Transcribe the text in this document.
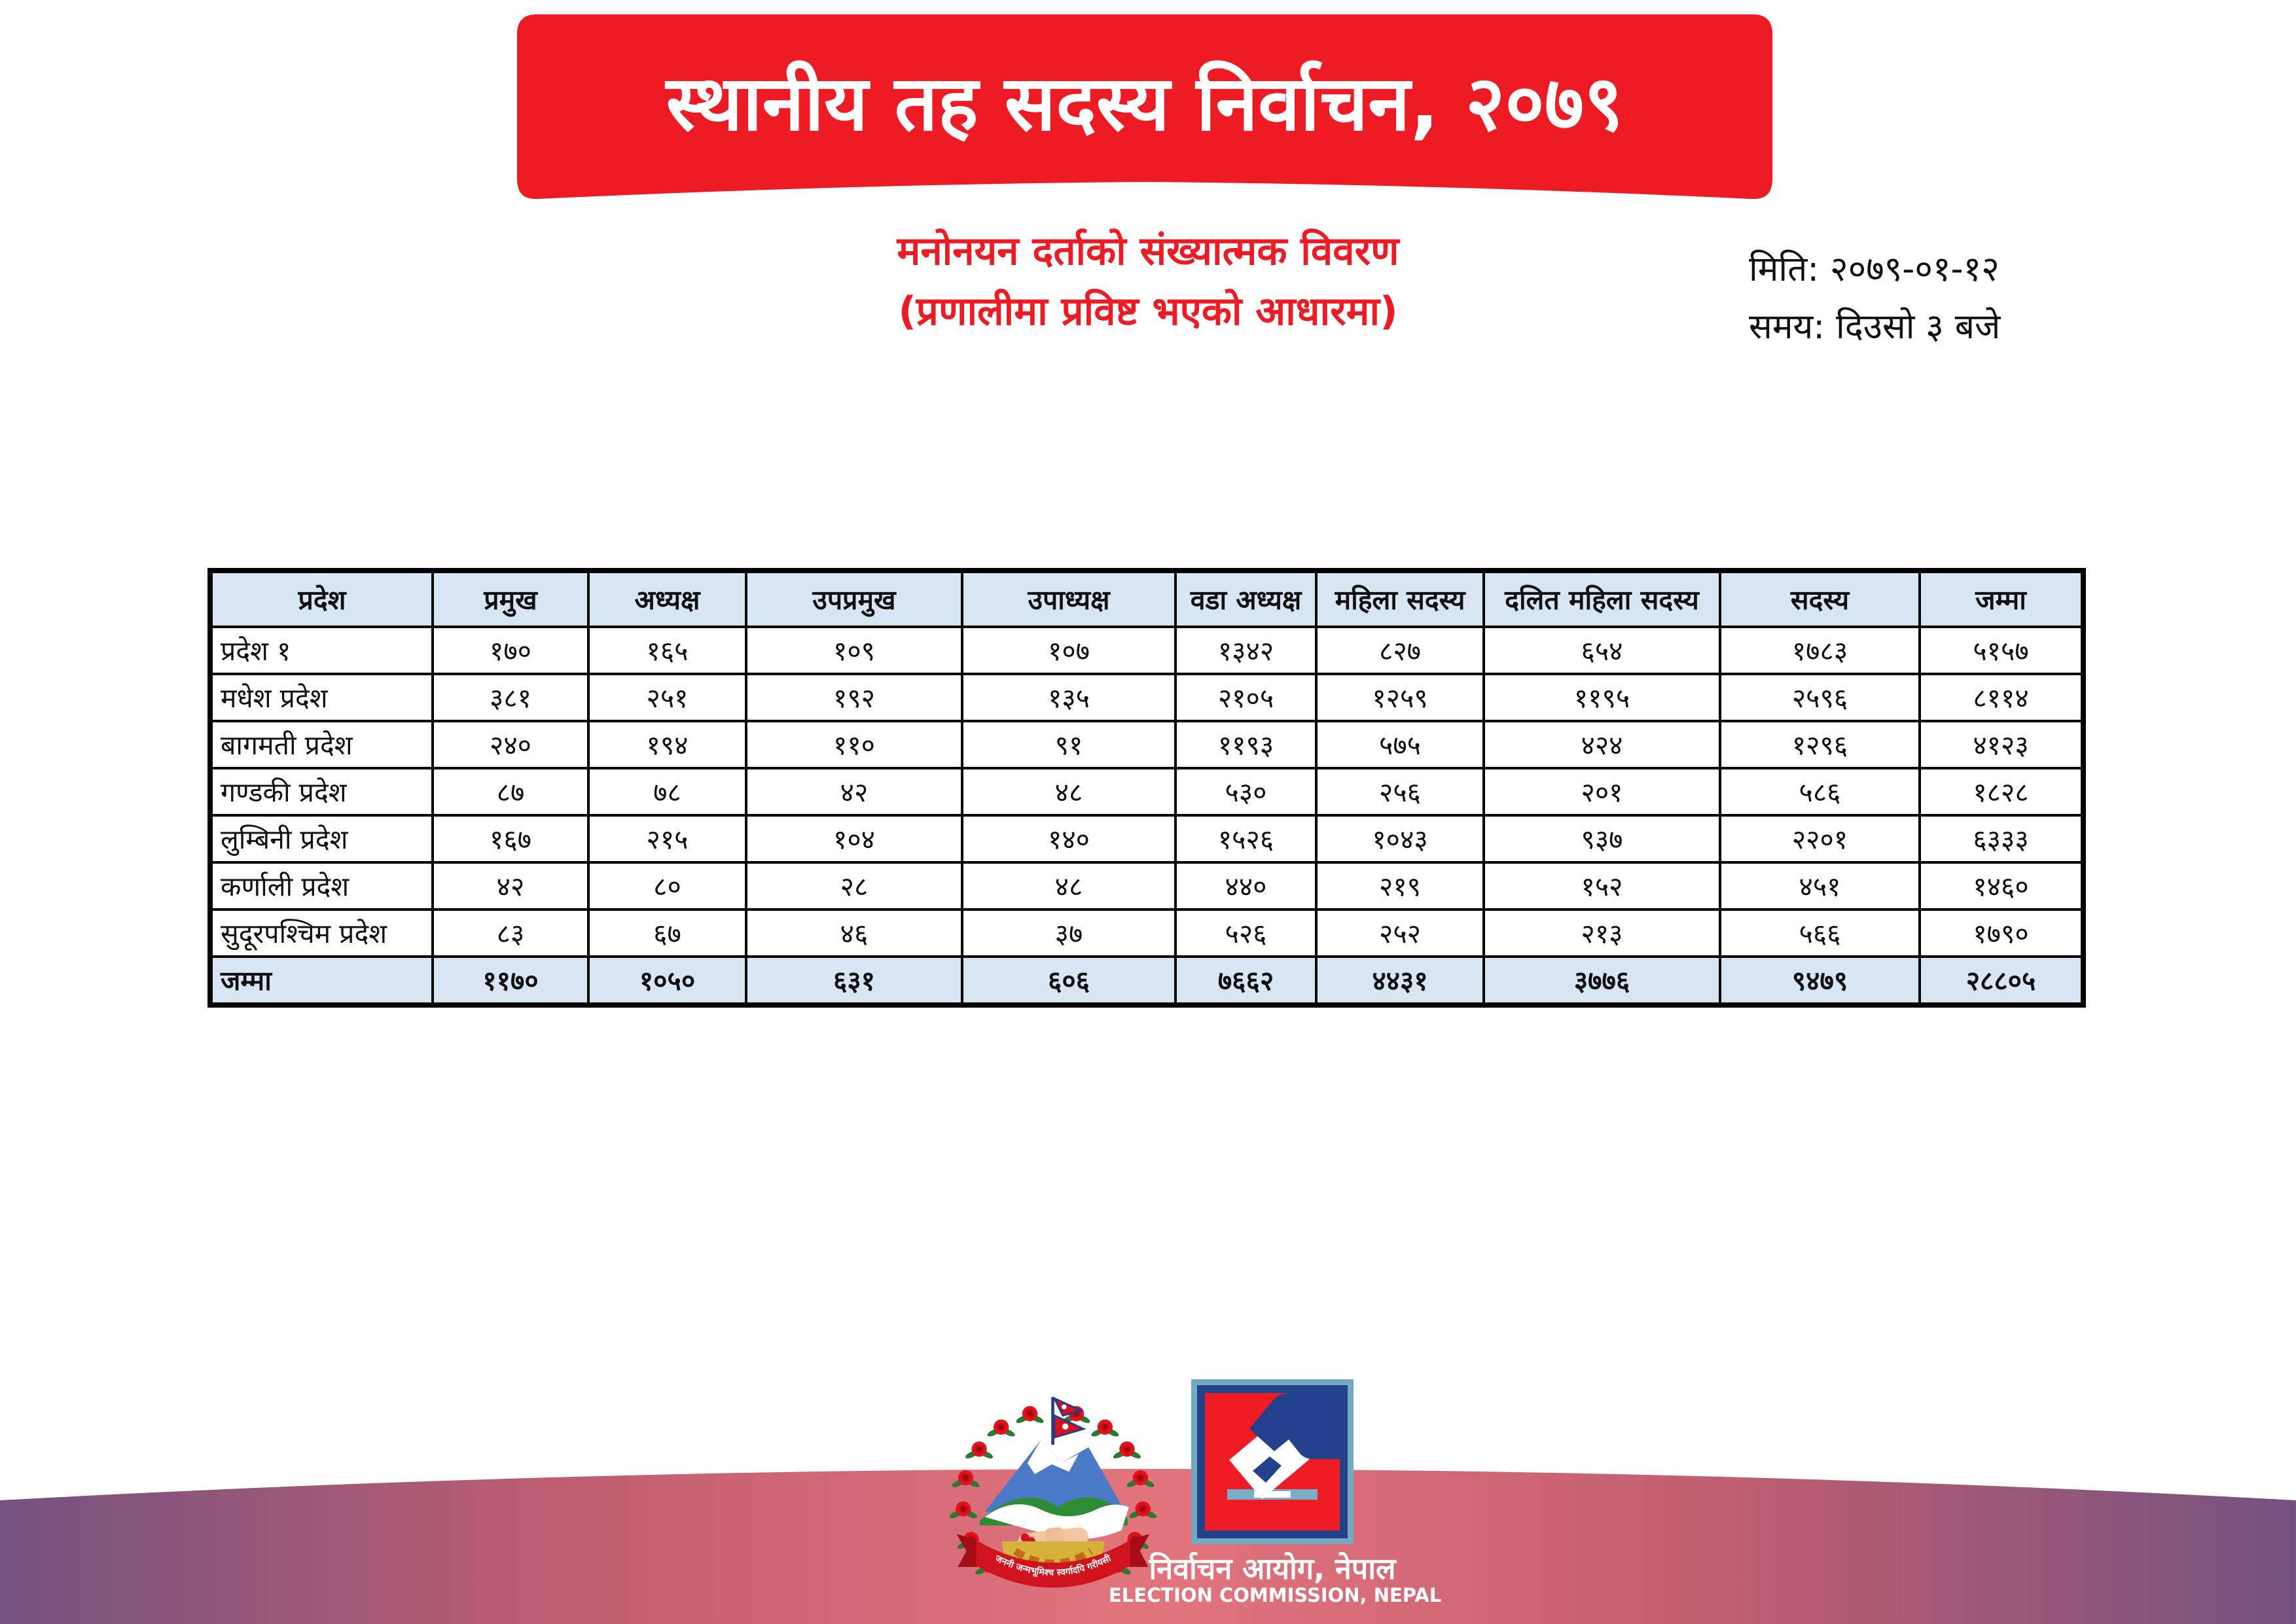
स्थानीय तह सदस्य निर्वाचन, २०७९
मनोनयन दर्ताको संख्यात्मक विवरण
(प्रणालीमा प्रविष्ट भएको आधारमा)
मिति: २०७९-०१-१२
समय: दिउसो ३ बजे
प्रदेश	प्रमुख	अध्यक्ष	उपप्रमुख	उपाध्यक्ष	वडा अध्यक्ष	महिला सदस्य	दलित महिला सदस्य	सदस्य	जम्मा
प्रदेश १	१७०	१६५	१०९	१०७	१३४२	८२७	६५४	१७८३	५१५७
मधेश प्रदेश	३८१	२५१	१९२	१३५	२१०५	१२५९	११९५	२५९६	८११४
बागमती प्रदेश	२४०	१९४	११०	९१	११९३	५७५	४२४	१२९६	४१२३
गण्डकी प्रदेश	८७	७८	४२	४८	५३०	२५६	२०१	५८६	१८२८
लुम्बिनी प्रदेश	१६७	२१५	१०४	१४०	१५२६	१०४३	९३७	२२०१	६३३३
कर्णाली प्रदेश	४२	८०	२८	४८	४४०	२१९	१५२	४५१	१४६०
सुदूरपश्चिम प्रदेश	८३	६७	४६	३७	५२६	२५२	२१३	५६६	१७९०
जम्मा	११७०	१०५०	६३१	६०६	७६६२	४४३१	३७७६	९४७९	२८८०५
जननी जन्मभूमिश्च स्वर्गादपि गरीयसी	निर्वाचन आयोग, नेपाल
ELECTION COMMISSION, NEPAL
